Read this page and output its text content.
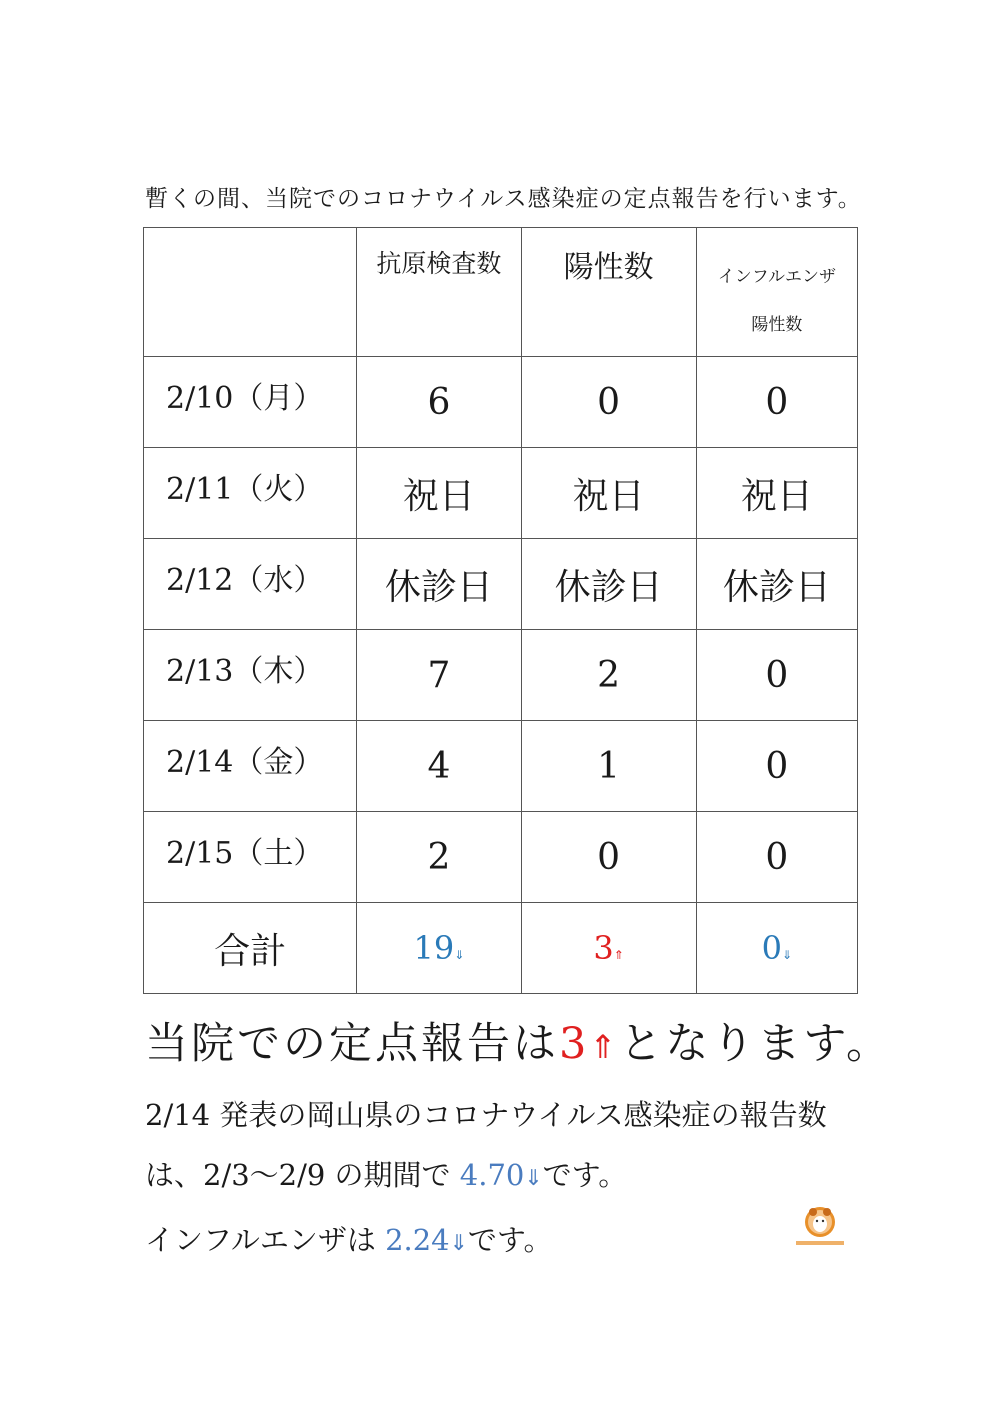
暫くの間、当院でのコロナウイルス感染症の定点報告を行います。

	抗原検査数	陽性数	インフルエンザ
陽性数

2/10（月）	6	0	0

2/11（火）	祝日	祝日	祝日

2/12（水）	休診日	休診日	休診日

2/13（木）	7	2	0

2/14（金）	4	1	0

2/15（土）	2	0	0
合計	19⇓	3⇑	0⇓
当院での定点報告は3⇑となります。
2/14 発表の岡山県のコロナウイルス感染症の報告数
は、2/3〜2/9 の期間で 4.70⇓です。
インフルエンザは 2.24⇓です。
